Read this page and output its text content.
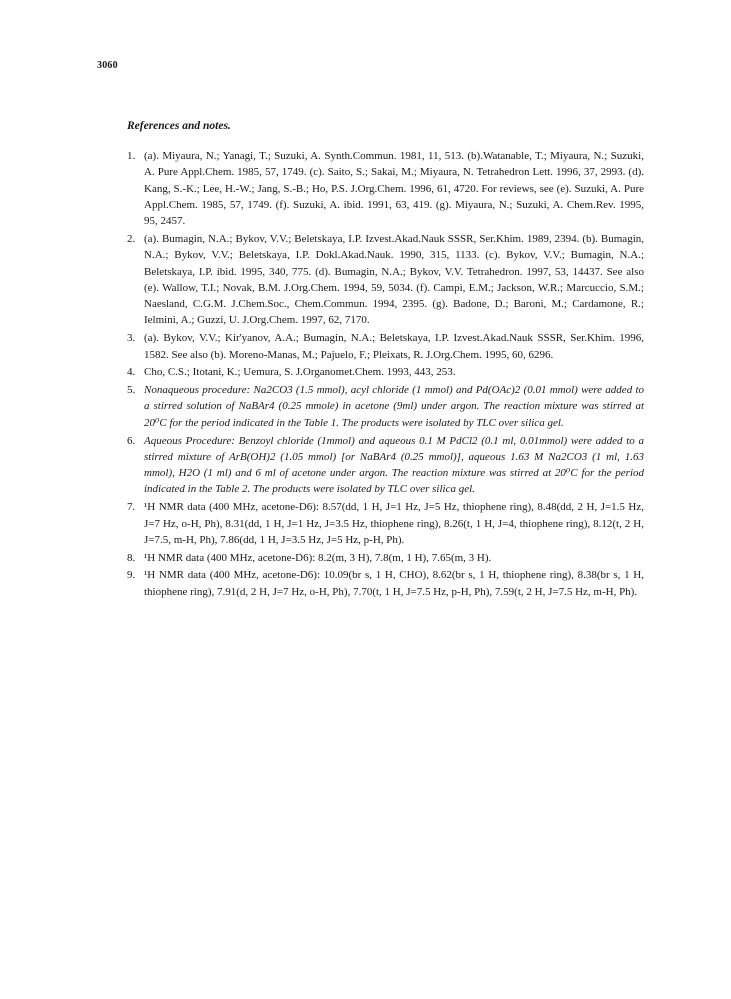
3060
References and notes.
1. (a). Miyaura, N.; Yanagi, T.; Suzuki, A. Synth.Commun. 1981, 11, 513. (b).Watanable, T.; Miyaura, N.; Suzuki, A. Pure Appl.Chem. 1985, 57, 1749. (c). Saito, S.; Sakai, M.; Miyaura, N. Tetrahedron Lett. 1996, 37, 2993. (d). Kang, S.-K.; Lee, H.-W.; Jang, S.-B.; Ho, P.S. J.Org.Chem. 1996, 61, 4720. For reviews, see (e). Suzuki, A. Pure Appl.Chem. 1985, 57, 1749. (f). Suzuki, A. ibid. 1991, 63, 419. (g). Miyaura, N.; Suzuki, A. Chem.Rev. 1995, 95, 2457.
2. (a). Bumagin, N.A.; Bykov, V.V.; Beletskaya, I.P. Izvest.Akad.Nauk SSSR, Ser.Khim. 1989, 2394. (b). Bumagin, N.A.; Bykov, V.V.; Beletskaya, I.P. Dokl.Akad.Nauk. 1990, 315, 1133. (c). Bykov, V.V.; Bumagin, N.A.; Beletskaya, I.P. ibid. 1995, 340, 775. (d). Bumagin, N.A.; Bykov, V.V. Tetrahedron. 1997, 53, 14437. See also (e). Wallow, T.I.; Novak, B.M. J.Org.Chem. 1994, 59, 5034. (f). Campi, E.M.; Jackson, W.R.; Marcuccio, S.M.; Naesland, C.G.M. J.Chem.Soc., Chem.Commun. 1994, 2395. (g). Badone, D.; Baroni, M.; Cardamone, R.; Ielmini, A.; Guzzi, U. J.Org.Chem. 1997, 62, 7170.
3. (a). Bykov, V.V.; Kir'yanov, A.A.; Bumagin, N.A.; Beletskaya, I.P. Izvest.Akad.Nauk SSSR, Ser.Khim. 1996, 1582. See also (b). Moreno-Manas, M.; Pajuelo, F.; Pleixats, R. J.Org.Chem. 1995, 60, 6296.
4. Cho, C.S.; Itotani, K.; Uemura, S. J.Organomet.Chem. 1993, 443, 253.
5. Nonaqueous procedure: Na2CO3 (1.5 mmol), acyl chloride (1 mmol) and Pd(OAc)2 (0.01 mmol) were added to a stirred solution of NaBAr4 (0.25 mmole) in acetone (9ml) under argon. The reaction mixture was stirred at 20⁰C for the period indicated in the Table 1. The products were isolated by TLC over silica gel.
6. Aqueous Procedure: Benzoyl chloride (1mmol) and aqueous 0.1 M PdCl2 (0.1 ml, 0.01mmol) were added to a stirred mixture of ArB(OH)2 (1.05 mmol) [or NaBAr4 (0.25 mmol)], aqueous 1.63 M Na2CO3 (1 ml, 1.63 mmol), H2O (1 ml) and 6 ml of acetone under argon. The reaction mixture was stirred at 20⁰C for the period indicated in the Table 2. The products were isolated by TLC over silica gel.
7. ¹H NMR data (400 MHz, acetone-D6): 8.57(dd, 1 H, J=1 Hz, J=5 Hz, thiophene ring), 8.48(dd, 2 H, J=1.5 Hz, J=7 Hz, o-H, Ph), 8.31(dd, 1 H, J=1 Hz, J=3.5 Hz, thiophene ring), 8.26(t, 1 H, J=4, thiophene ring), 8.12(t, 2 H, J=7.5, m-H, Ph), 7.86(dd, 1 H, J=3.5 Hz, J=5 Hz, p-H, Ph).
8. ¹H NMR data (400 MHz, acetone-D6): 8.2(m, 3 H), 7.8(m, 1 H), 7.65(m, 3 H).
9. ¹H NMR data (400 MHz, acetone-D6): 10.09(br s, 1 H, CHO), 8.62(br s, 1 H, thiophene ring), 8.38(br s, 1 H, thiophene ring), 7.91(d, 2 H, J=7 Hz, o-H, Ph), 7.70(t, 1 H, J=7.5 Hz, p-H, Ph), 7.59(t, 2 H, J=7.5 Hz, m-H, Ph).
